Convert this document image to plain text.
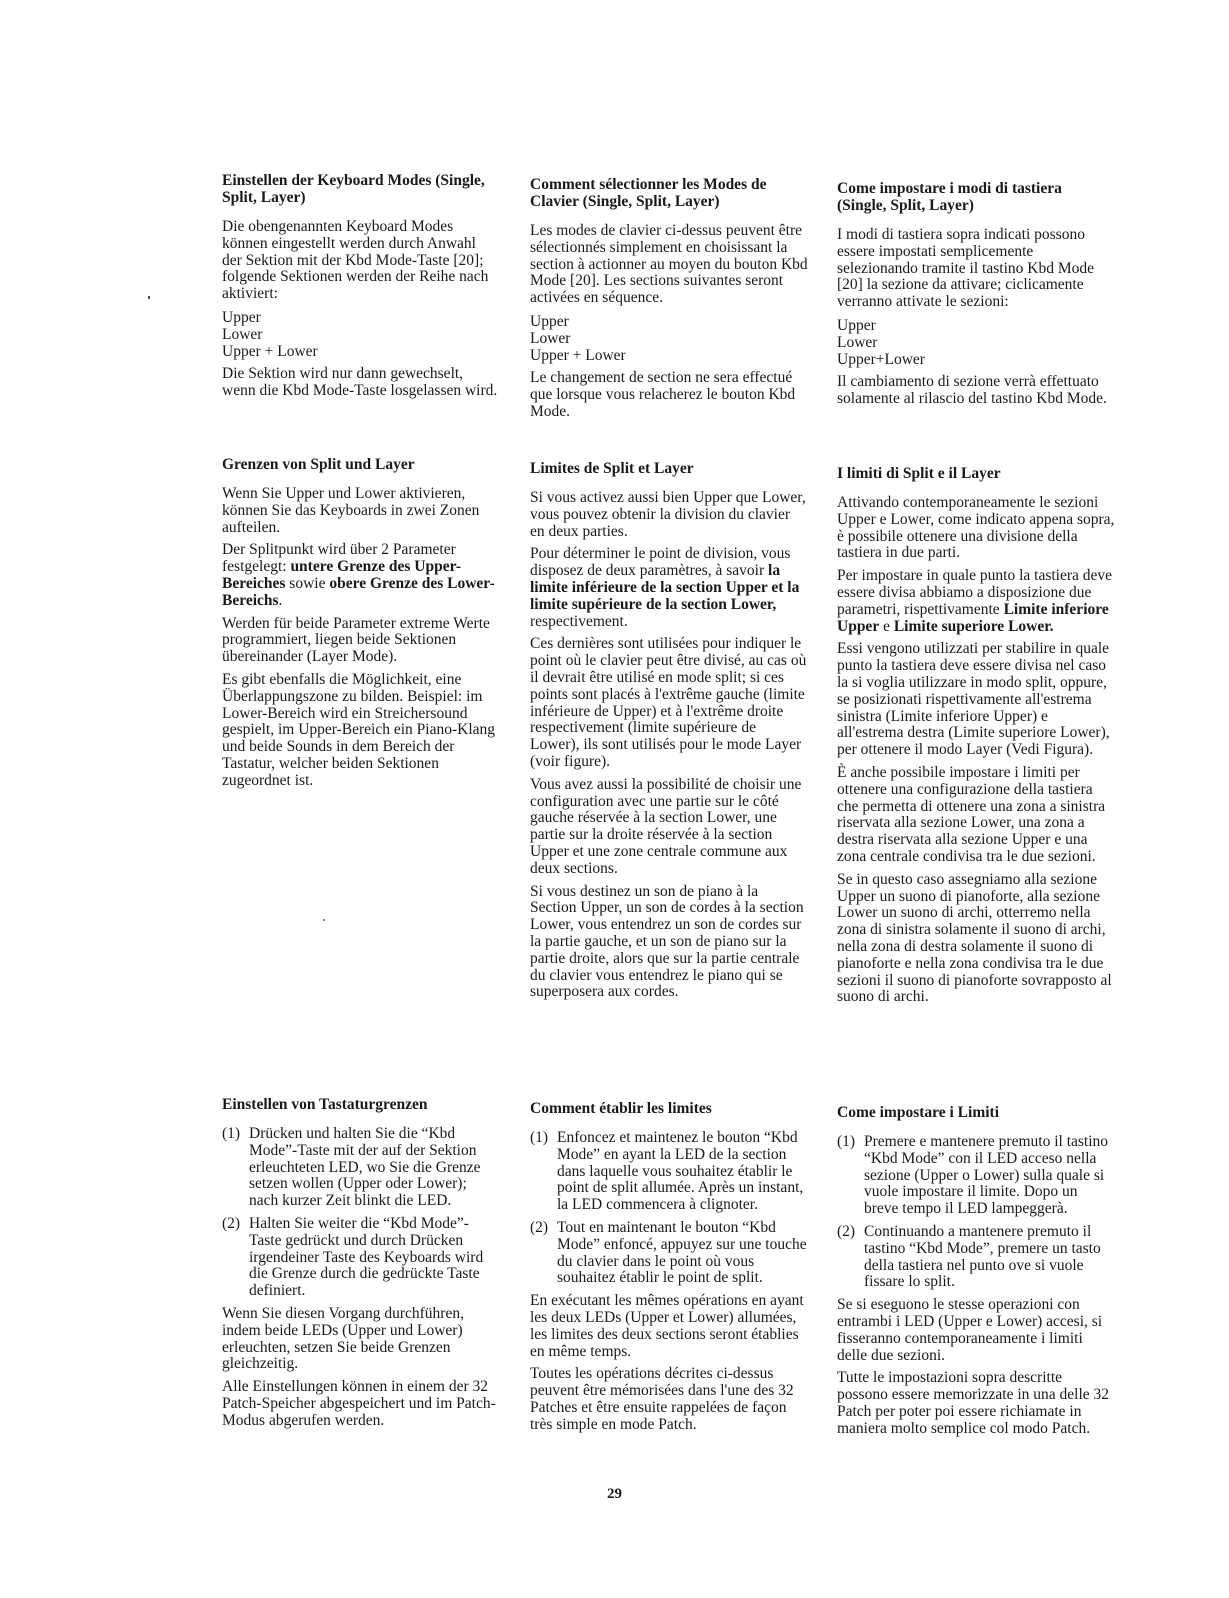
Einstellen der Keyboard Modes (Single, Split, Layer)

Die obengenannten Keyboard Modes können eingestellt werden durch Anwahl der Sektion mit der Kbd Mode-Taste [20]; folgende Sektionen werden der Reihe nach aktiviert:

Upper
Lower
Upper + Lower

Die Sektion wird nur dann gewechselt, wenn die Kbd Mode-Taste losgelassen wird.

Grenzen von Split und Layer

Wenn Sie Upper und Lower aktivieren, können Sie das Keyboards in zwei Zonen aufteilen.

Der Splitpunkt wird über 2 Parameter festgelegt: untere Grenze des Upper-Bereiches sowie obere Grenze des Lower-Bereichs.

Werden für beide Parameter extreme Werte programmiert, liegen beide Sektionen übereinander (Layer Mode).

Es gibt ebenfalls die Möglichkeit, eine Überlappungszone zu bilden. Beispiel: im Lower-Bereich wird ein Streichersound gespielt, im Upper-Bereich ein Piano-Klang und beide Sounds in dem Bereich der Tastatur, welcher beiden Sektionen zugeordnet ist.

Einstellen von Tastaturgrenzen
(1) Drücken und halten Sie die “Kbd Mode”-Taste mit der auf der Sektion erleuchteten LED, wo Sie die Grenze setzen wollen (Upper oder Lower); nach kurzer Zeit blinkt die LED.
(2) Halten Sie weiter die “Kbd Mode”-Taste gedrückt und durch Drücken irgendeiner Taste des Keyboards wird die Grenze durch die gedrückte Taste definiert.

Wenn Sie diesen Vorgang durchführen, indem beide LEDs (Upper und Lower) erleuchten, setzen Sie beide Grenzen gleichzeitig.

Alle Einstellungen können in einem der 32 Patch-Speicher abgespeichert und im Patch-Modus abgerufen werden.

Comment sélectionner les Modes de Clavier (Single, Split, Layer)

Les modes de clavier ci-dessus peuvent être sélectionnés simplement en choisissant la section à actionner au moyen du bouton Kbd Mode [20]. Les sections suivantes seront activées en séquence.

Upper
Lower
Upper + Lower

Le changement de section ne sera effectué que lorsque vous relacherez le bouton Kbd Mode.

Limites de Split et Layer

Si vous activez aussi bien Upper que Lower, vous pouvez obtenir la division du clavier en deux parties.

Pour déterminer le point de division, vous disposez de deux paramètres, à savoir la limite inférieure de la section Upper et la limite supérieure de la section Lower, respectivement.

Ces dernières sont utilisées pour indiquer le point où le clavier peut être divisé, au cas où il devrait être utilisé en mode split; si ces points sont placés à l'extrême gauche (limite inférieure de Upper) et à l'extrême droite respectivement (limite supérieure de Lower), ils sont utilisés pour le mode Layer (voir figure).

Vous avez aussi la possibilité de choisir une configuration avec une partie sur le côté gauche réservée à la section Lower, une partie sur la droite réservée à la section Upper et une zone centrale commune aux deux sections.

Si vous destinez un son de piano à la Section Upper, un son de cordes à la section Lower, vous entendrez un son de cordes sur la partie gauche, et un son de piano sur la partie droite, alors que sur la partie centrale du clavier vous entendrez le piano qui se superposera aux cordes.

Comment établir les limites
(1) Enfoncez et maintenez le bouton “Kbd Mode” en ayant la LED de la section dans laquelle vous souhaitez établir le point de split allumée. Après un instant, la LED commencera à clignoter.
(2) Tout en maintenant le bouton “Kbd Mode” enfoncé, appuyez sur une touche du clavier dans le point où vous souhaitez établir le point de split.

En exécutant les mêmes opérations en ayant les deux LEDs (Upper et Lower) allumées, les limites des deux sections seront établies en même temps.

Toutes les opérations décrites ci-dessus peuvent être mémorisées dans l'une des 32 Patches et être ensuite rappelées de façon très simple en mode Patch.

Come impostare i modi di tastiera (Single, Split, Layer)

I modi di tastiera sopra indicati possono essere impostati semplicemente selezionando tramite il tastino Kbd Mode [20] la sezione da attivare; ciclicamente verranno attivate le sezioni:

Upper
Lower
Upper+Lower

Il cambiamento di sezione verrà effettuato solamente al rilascio del tastino Kbd Mode.

I limiti di Split e il Layer

Attivando contemporaneamente le sezioni Upper e Lower, come indicato appena sopra, è possibile ottenere una divisione della tastiera in due parti.

Per impostare in quale punto la tastiera deve essere divisa abbiamo a disposizione due parametri, rispettivamente Limite inferiore Upper e Limite superiore Lower.

Essi vengono utilizzati per stabilire in quale punto la tastiera deve essere divisa nel caso la si voglia utilizzare in modo split, oppure, se posizionati rispettivamente all'estrema sinistra (Limite inferiore Upper) e all'estrema destra (Limite superiore Lower), per ottenere il modo Layer (Vedi Figura).

È anche possibile impostare i limiti per ottenere una configurazione della tastiera che permetta di ottenere una zona a sinistra riservata alla sezione Lower, una zona a destra riservata alla sezione Upper e una zona centrale condivisa tra le due sezioni.

Se in questo caso assegniamo alla sezione Upper un suono di pianoforte, alla sezione Lower un suono di archi, otterremo nella zona di sinistra solamente il suono di archi, nella zona di destra solamente il suono di pianoforte e nella zona condivisa tra le due sezioni il suono di pianoforte sovrapposto al suono di archi.

Come impostare i Limiti
(1) Premere e mantenere premuto il tastino “Kbd Mode” con il LED acceso nella sezione (Upper o Lower) sulla quale si vuole impostare il limite. Dopo un breve tempo il LED lampeggerà.
(2) Continuando a mantenere premuto il tastino “Kbd Mode”, premere un tasto della tastiera nel punto ove si vuole fissare lo split.

Se si eseguono le stesse operazioni con entrambi i LED (Upper e Lower) accesi, si fisseranno contemporaneamente i limiti delle due sezioni.

Tutte le impostazioni sopra descritte possono essere memorizzate in una delle 32 Patch per poter poi essere richiamate in maniera molto semplice col modo Patch.

29
